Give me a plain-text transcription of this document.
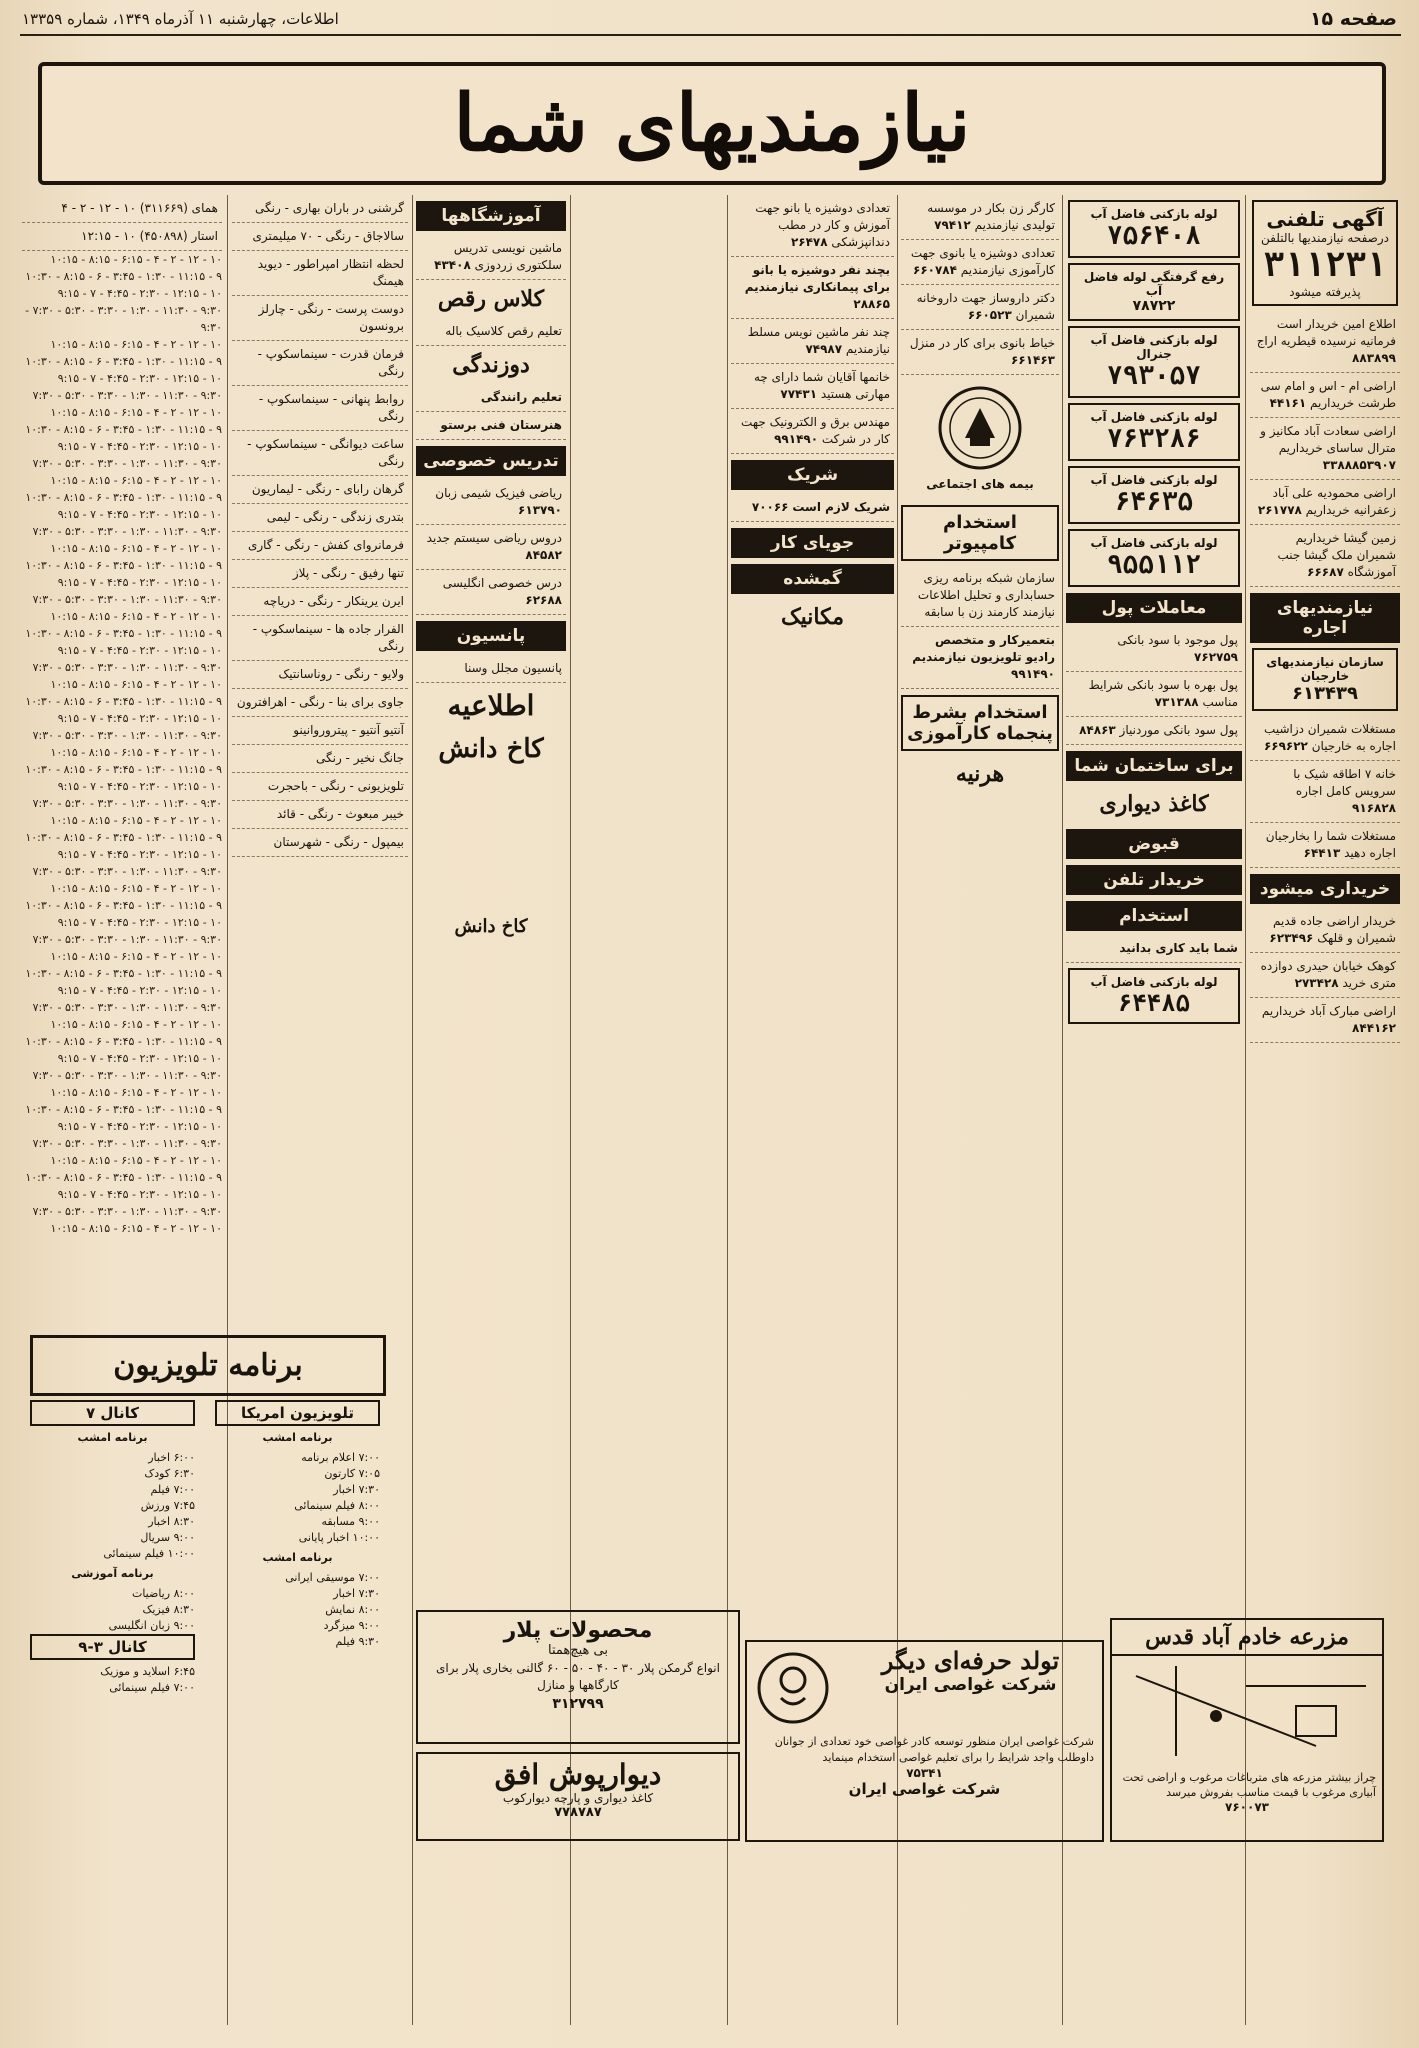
صفحه ۱۵
اطلاعات، چهارشنبه ۱۱ آذرماه ۱۳۴۹، شماره ۱۳۳۵۹
نیازمندیهای شما
آگهی تلفنی
درصفحه نیازمندیها بالتلفن
۳۱۱۲۳۱
پذیرفته میشود
اطلاع امین خریدار است فرمانیه نرسیده قیطریه اراج ۸۸۳۸۹۹
اراضی ام - اس و امام سی طرشت خریداریم ۴۴۱۶۱
اراضی سعادت آباد مکانیز و مترال ساسای خریداریم ۳۳۸۸۸۵۳۹۰۷
اراضی محمودیه علی آباد زعفرانیه خریداریم ۲۶۱۷۷۸
زمین گیشا خریداریم شمیران ملک گیشا جنب آموزشگاه ۶۶۶۸۷
نیازمندیهای اجاره
سازمان نیازمندیهای خارجیان
۶۱۳۴۳۹
مستغلات شمیران دزاشیب اجاره به خارجیان ۶۶۹۶۲۲
خانه ۷ اطاقه شیک با سرویس کامل اجاره ۹۱۶۸۲۸
مستغلات شما را بخارجیان اجاره دهید ۶۴۴۱۳
خریداری میشود
خریدار اراضی جاده قدیم شمیران و قلهک ۶۲۳۴۹۶
کوهک خیابان حیدری دوازده متری خرید ۲۷۳۴۲۸
اراضی مبارک آباد خریداریم ۸۴۴۱۶۲
لوله بازکنی فاضل آب
۷۵۶۴۰۸
رفع گرفتگی لوله فاضل آب
۷۸۷۲۲
لوله بازکنی فاضل آب جنرال
۷۹۳۰۵۷
لوله بازکنی فاضل آب
۷۶۳۲۸۶
لوله بازکنی فاضل آب
۶۴۶۳۵
لوله بازکنی فاضل آب
۹۵۵۱۱۲
معاملات پول
پول موجود با سود بانکی ۷۶۲۷۵۹
پول بهره با سود بانکی شرایط مناسب ۷۳۱۳۸۸
پول سود بانکی موردنیاز ۸۴۸۶۳
برای ساختمان شما
کاغذ دیواری
قبوض
خریدار تلفن
استخدام
شما باید کاری بدانید
لوله بازکنی فاضل آب
۶۴۴۸۵
کارگر زن بکار در موسسه تولیدی نیازمندیم ۷۹۴۱۲
تعدادی دوشیزه یا بانوی جهت کارآموزی نیازمندیم ۶۶۰۷۸۴
دکتر داروساز جهت داروخانه شمیران ۶۶۰۵۲۳
خیاط بانوی برای کار در منزل ۶۶۱۴۶۳
بیمه های اجتماعی
استخدام کامپیوتر
سازمان شبکه برنامه ریزی حسابداری و تحلیل اطلاعات نیازمند کارمند زن با سابقه
بتعمیرکار و متخصص رادیو تلویزیون نیازمندیم ۹۹۱۴۹۰
استخدام بشرط پنجماه کارآموزی
هرنیه
تعدادی دوشیزه یا بانو جهت آموزش و کار در مطب دندانپزشکی ۲۶۴۷۸
بچند نفر دوشیزه یا بانو برای پیمانکاری نیازمندیم ۲۸۸۶۵
چند نفر ماشین نویس مسلط نیازمندیم ۷۴۹۸۷
خانمها آقایان شما دارای چه مهارتی هستید ۷۷۴۳۱
مهندس برق و الکترونیک جهت کار در شرکت ۹۹۱۴۹۰
شریک
شریک لازم است ۷۰۰۶۶
جویای کار
گمشده
مکانیک
آموزشگاهها
ماشین نویسی تدریس سلکتوری زردوزی ۴۳۴۰۸
کلاس رقص
تعلیم رقص کلاسیک باله
دوزندگی
تعلیم رانندگی
هنرستان فنی برستو
تدریس خصوصی
ریاضی فیزیک شیمی زبان ۶۱۳۷۹۰
دروس ریاضی سیستم جدید ۸۴۵۸۲
درس خصوصی انگلیسی ۶۲۶۸۸
پانسیون
پانسیون مجلل وسنا
اطلاعیه
کاخ دانش
کاخ دانش
گرشنی در باران بهاری - رنگی
سالاجاق - رنگی - ۷۰ میلیمتری
لحظه انتظار امپراطور - دیوید هیمنگ
دوست پرست - رنگی - چارلز برونسون
فرمان قدرت - سینماسکوپ - رنگی
روابط پنهانی - سینماسکوپ - رنگی
ساعت دیوانگی - سینماسکوپ - رنگی
گرهان رابای - رنگی - لیماریون
بتدری زندگی - رنگی - لیمی
فرمانروای کفش - رنگی - گاری
تنها رفیق - رنگی - پلاز
ایرن یرینکار - رنگی - دریاچه
الفرار جاده ها - سینماسکوپ - رنگی
ولایو - رنگی - روناسانتیک
جاوی برای بنا - رنگی - اهرافترون
آنتیو آنتیو - پیتروروانینو
جانگ نخیر - رنگی
تلویزیونی - رنگی - باحجرت
خیبر مبعوث - رنگی - قائد
بیمپول - رنگی - شهرستان
همای (۳۱۱۶۶۹) ۱۰ - ۱۲ - ۲ - ۴
استار (۴۵۰۸۹۸) ۱۰ - ۱۲:۱۵
۱۰ - ۱۲ - ۲ - ۴ - ۶:۱۵ - ۸:۱۵ - ۱۰:۱۵
۹ - ۱۱:۱۵ - ۱:۳۰ - ۳:۴۵ - ۶ - ۸:۱۵ - ۱۰:۳۰
۱۰ - ۱۲:۱۵ - ۲:۳۰ - ۴:۴۵ - ۷ - ۹:۱۵
۹:۳۰ - ۱۱:۳۰ - ۱:۳۰ - ۳:۳۰ - ۵:۳۰ - ۷:۳۰ - ۹:۳۰
۱۰ - ۱۲ - ۲ - ۴ - ۶:۱۵ - ۸:۱۵ - ۱۰:۱۵
۹ - ۱۱:۱۵ - ۱:۳۰ - ۳:۴۵ - ۶ - ۸:۱۵ - ۱۰:۳۰
۱۰ - ۱۲:۱۵ - ۲:۳۰ - ۴:۴۵ - ۷ - ۹:۱۵
۹:۳۰ - ۱۱:۳۰ - ۱:۳۰ - ۳:۳۰ - ۵:۳۰ - ۷:۳۰
۱۰ - ۱۲ - ۲ - ۴ - ۶:۱۵ - ۸:۱۵ - ۱۰:۱۵
۹ - ۱۱:۱۵ - ۱:۳۰ - ۳:۴۵ - ۶ - ۸:۱۵ - ۱۰:۳۰
۱۰ - ۱۲:۱۵ - ۲:۳۰ - ۴:۴۵ - ۷ - ۹:۱۵
۹:۳۰ - ۱۱:۳۰ - ۱:۳۰ - ۳:۳۰ - ۵:۳۰ - ۷:۳۰
۱۰ - ۱۲ - ۲ - ۴ - ۶:۱۵ - ۸:۱۵ - ۱۰:۱۵
۹ - ۱۱:۱۵ - ۱:۳۰ - ۳:۴۵ - ۶ - ۸:۱۵ - ۱۰:۳۰
۱۰ - ۱۲:۱۵ - ۲:۳۰ - ۴:۴۵ - ۷ - ۹:۱۵
۹:۳۰ - ۱۱:۳۰ - ۱:۳۰ - ۳:۳۰ - ۵:۳۰ - ۷:۳۰
۱۰ - ۱۲ - ۲ - ۴ - ۶:۱۵ - ۸:۱۵ - ۱۰:۱۵
۹ - ۱۱:۱۵ - ۱:۳۰ - ۳:۴۵ - ۶ - ۸:۱۵ - ۱۰:۳۰
۱۰ - ۱۲:۱۵ - ۲:۳۰ - ۴:۴۵ - ۷ - ۹:۱۵
۹:۳۰ - ۱۱:۳۰ - ۱:۳۰ - ۳:۳۰ - ۵:۳۰ - ۷:۳۰
۱۰ - ۱۲ - ۲ - ۴ - ۶:۱۵ - ۸:۱۵ - ۱۰:۱۵
۹ - ۱۱:۱۵ - ۱:۳۰ - ۳:۴۵ - ۶ - ۸:۱۵ - ۱۰:۳۰
۱۰ - ۱۲:۱۵ - ۲:۳۰ - ۴:۴۵ - ۷ - ۹:۱۵
۹:۳۰ - ۱۱:۳۰ - ۱:۳۰ - ۳:۳۰ - ۵:۳۰ - ۷:۳۰
۱۰ - ۱۲ - ۲ - ۴ - ۶:۱۵ - ۸:۱۵ - ۱۰:۱۵
۹ - ۱۱:۱۵ - ۱:۳۰ - ۳:۴۵ - ۶ - ۸:۱۵ - ۱۰:۳۰
۱۰ - ۱۲:۱۵ - ۲:۳۰ - ۴:۴۵ - ۷ - ۹:۱۵
۹:۳۰ - ۱۱:۳۰ - ۱:۳۰ - ۳:۳۰ - ۵:۳۰ - ۷:۳۰
۱۰ - ۱۲ - ۲ - ۴ - ۶:۱۵ - ۸:۱۵ - ۱۰:۱۵
۹ - ۱۱:۱۵ - ۱:۳۰ - ۳:۴۵ - ۶ - ۸:۱۵ - ۱۰:۳۰
۱۰ - ۱۲:۱۵ - ۲:۳۰ - ۴:۴۵ - ۷ - ۹:۱۵
۹:۳۰ - ۱۱:۳۰ - ۱:۳۰ - ۳:۳۰ - ۵:۳۰ - ۷:۳۰
۱۰ - ۱۲ - ۲ - ۴ - ۶:۱۵ - ۸:۱۵ - ۱۰:۱۵
۹ - ۱۱:۱۵ - ۱:۳۰ - ۳:۴۵ - ۶ - ۸:۱۵ - ۱۰:۳۰
۱۰ - ۱۲:۱۵ - ۲:۳۰ - ۴:۴۵ - ۷ - ۹:۱۵
۹:۳۰ - ۱۱:۳۰ - ۱:۳۰ - ۳:۳۰ - ۵:۳۰ - ۷:۳۰
۱۰ - ۱۲ - ۲ - ۴ - ۶:۱۵ - ۸:۱۵ - ۱۰:۱۵
۹ - ۱۱:۱۵ - ۱:۳۰ - ۳:۴۵ - ۶ - ۸:۱۵ - ۱۰:۳۰
۱۰ - ۱۲:۱۵ - ۲:۳۰ - ۴:۴۵ - ۷ - ۹:۱۵
۹:۳۰ - ۱۱:۳۰ - ۱:۳۰ - ۳:۳۰ - ۵:۳۰ - ۷:۳۰
۱۰ - ۱۲ - ۲ - ۴ - ۶:۱۵ - ۸:۱۵ - ۱۰:۱۵
۹ - ۱۱:۱۵ - ۱:۳۰ - ۳:۴۵ - ۶ - ۸:۱۵ - ۱۰:۳۰
۱۰ - ۱۲:۱۵ - ۲:۳۰ - ۴:۴۵ - ۷ - ۹:۱۵
۹:۳۰ - ۱۱:۳۰ - ۱:۳۰ - ۳:۳۰ - ۵:۳۰ - ۷:۳۰
۱۰ - ۱۲ - ۲ - ۴ - ۶:۱۵ - ۸:۱۵ - ۱۰:۱۵
۹ - ۱۱:۱۵ - ۱:۳۰ - ۳:۴۵ - ۶ - ۸:۱۵ - ۱۰:۳۰
۱۰ - ۱۲:۱۵ - ۲:۳۰ - ۴:۴۵ - ۷ - ۹:۱۵
۹:۳۰ - ۱۱:۳۰ - ۱:۳۰ - ۳:۳۰ - ۵:۳۰ - ۷:۳۰
۱۰ - ۱۲ - ۲ - ۴ - ۶:۱۵ - ۸:۱۵ - ۱۰:۱۵
۹ - ۱۱:۱۵ - ۱:۳۰ - ۳:۴۵ - ۶ - ۸:۱۵ - ۱۰:۳۰
۱۰ - ۱۲:۱۵ - ۲:۳۰ - ۴:۴۵ - ۷ - ۹:۱۵
۹:۳۰ - ۱۱:۳۰ - ۱:۳۰ - ۳:۳۰ - ۵:۳۰ - ۷:۳۰
۱۰ - ۱۲ - ۲ - ۴ - ۶:۱۵ - ۸:۱۵ - ۱۰:۱۵
۹ - ۱۱:۱۵ - ۱:۳۰ - ۳:۴۵ - ۶ - ۸:۱۵ - ۱۰:۳۰
۱۰ - ۱۲:۱۵ - ۲:۳۰ - ۴:۴۵ - ۷ - ۹:۱۵
۹:۳۰ - ۱۱:۳۰ - ۱:۳۰ - ۳:۳۰ - ۵:۳۰ - ۷:۳۰
۱۰ - ۱۲ - ۲ - ۴ - ۶:۱۵ - ۸:۱۵ - ۱۰:۱۵
برنامه تلویزیون
تلویزیون امریکا
برنامه امشب
۷:۰۰ اعلام برنامه
۷:۰۵ کارتون
۷:۳۰ اخبار
۸:۰۰ فیلم سینمائی
۹:۰۰ مسابقه
۱۰:۰۰ اخبار پایانی
برنامه امشب
۷:۰۰ موسیقی ایرانی
۷:۳۰ اخبار
۸:۰۰ نمایش
۹:۰۰ میزگرد
۹:۳۰ فیلم
کانال ۷
برنامه امشب
۶:۰۰ اخبار
۶:۳۰ کودک
۷:۰۰ فیلم
۷:۴۵ ورزش
۸:۳۰ اخبار
۹:۰۰ سریال
۱۰:۰۰ فیلم سینمائی
برنامه آموزشی
۸:۰۰ ریاضیات
۸:۳۰ فیزیک
۹:۰۰ زبان انگلیسی
کانال ۳-۹
۶:۴۵ اسلاید و موزیک
۷:۰۰ فیلم سینمائی
محصولات پلار
بی هیچ‌همتا
انواع گرمکن پلار ۳۰ - ۴۰ - ۵۰ - ۶۰ گالنی بخاری پلار برای کارگاهها و منازل
۳۱۲۷۹۹
دیوارپوش افق
کاغذ دیواری و پارچه دیوارکوب
۷۷۸۷۸۷
تولد حرفه‌ای دیگر
شرکت غواصی ایران
شرکت غواصی ایران منظور توسعه کادر غواصی خود تعدادی از جوانان داوطلب واجد شرایط را برای تعلیم غواصی استخدام مینماید
۷۵۳۴۱
شرکت غواصی ایران
مزرعه خادم آباد قدس
چراز بیشتر مزرعه های مترباغات مرغوب و اراضی تحت آبیاری مرغوب با قیمت مناسب بفروش میرسد
۷۶۰۰۷۳
